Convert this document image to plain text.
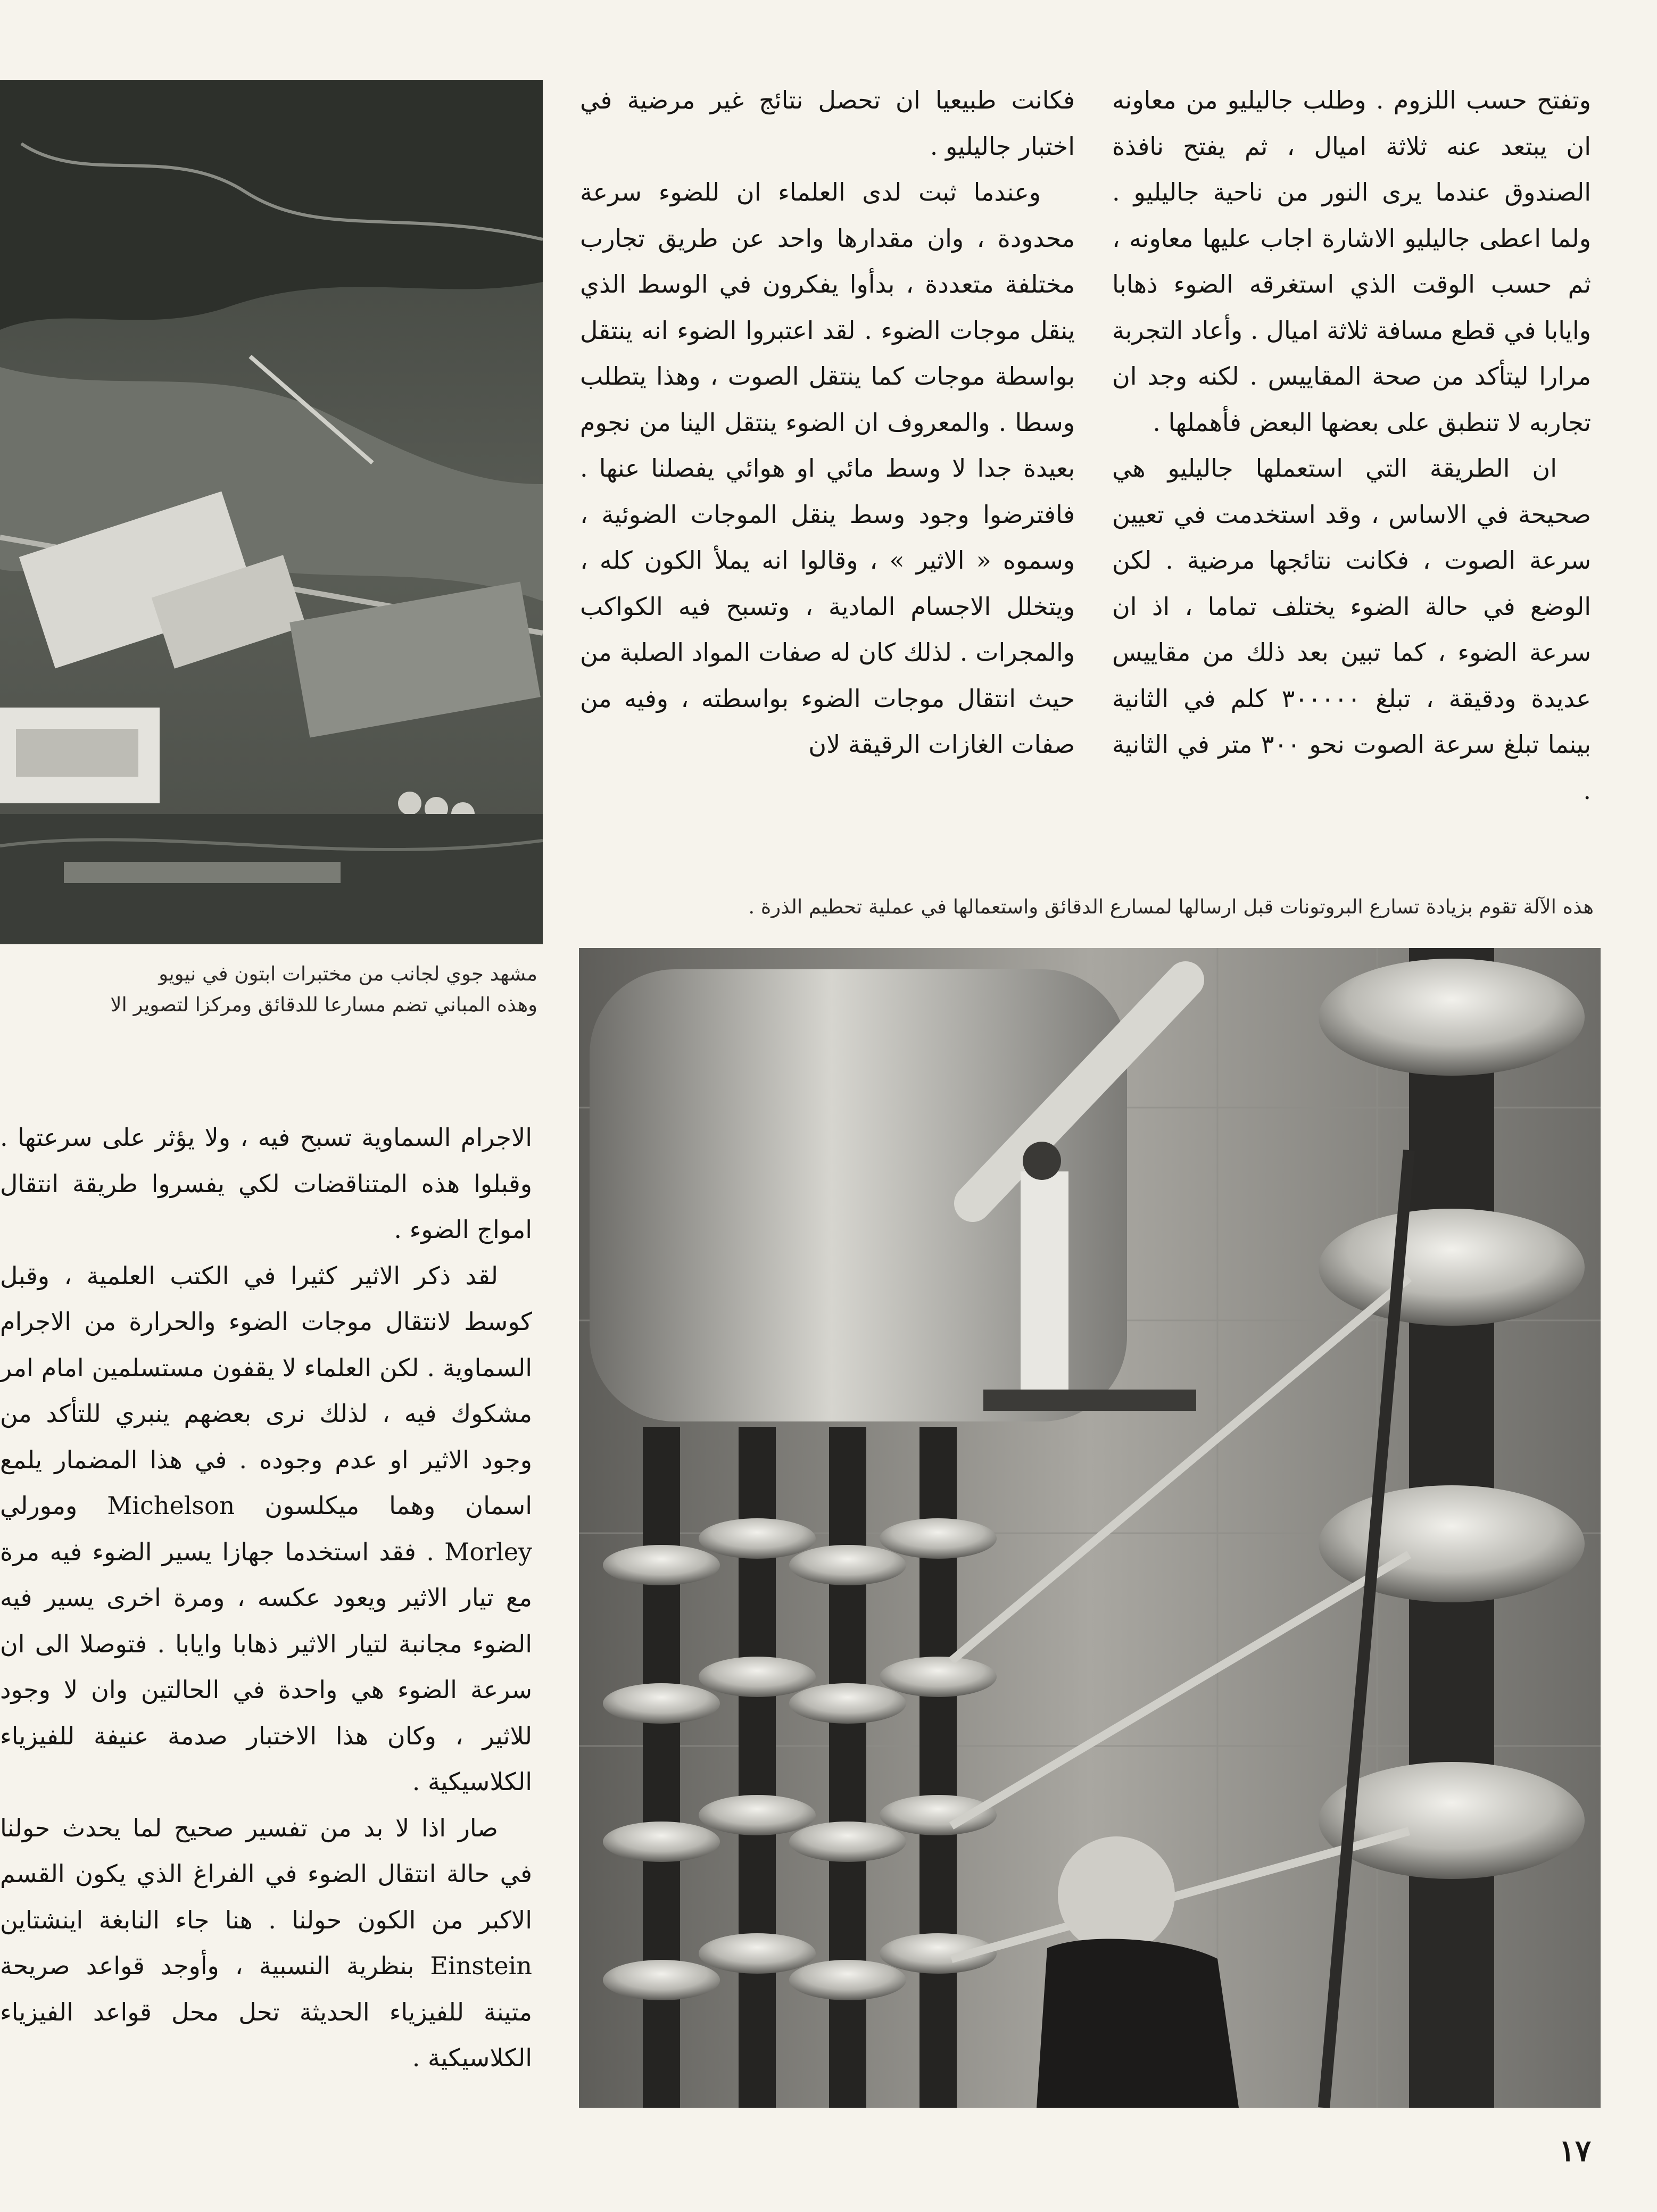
وتفتح حسب اللزوم . وطلب جاليليو من معاونه ان يبتعد عنه ثلاثة اميال ، ثم يفتح نافذة الصندوق عندما يرى النور من ناحية جاليليو . ولما اعطى جاليليو الاشارة اجاب عليها معاونه ، ثم حسب الوقت الذي استغرقه الضوء ذهابا وايابا في قطع مسافة ثلاثة اميال . وأعاد التجربة مرارا ليتأكد من صحة المقاييس . لكنه وجد ان تجاربه لا تنطبق على بعضها البعض فأهملها .

ان الطريقة التي استعملها جاليليو هي صحيحة في الاساس ، وقد استخدمت في تعيين سرعة الصوت ، فكانت نتائجها مرضية . لكن الوضع في حالة الضوء يختلف تماما ، اذ ان سرعة الضوء ، كما تبين بعد ذلك من مقاييس عديدة ودقيقة ، تبلغ ٣٠٠٠٠٠ كلم في الثانية بينما تبلغ سرعة الصوت نحو ٣٠٠ متر في الثانية .

فكانت طبيعيا ان تحصل نتائج غير مرضية في اختبار جاليليو .

وعندما ثبت لدى العلماء ان للضوء سرعة محدودة ، وان مقدارها واحد عن طريق تجارب مختلفة متعددة ، بدأوا يفكرون في الوسط الذي ينقل موجات الضوء . لقد اعتبروا الضوء انه ينتقل بواسطة موجات كما ينتقل الصوت ، وهذا يتطلب وسطا . والمعروف ان الضوء ينتقل الينا من نجوم بعيدة جدا لا وسط مائي او هوائي يفصلنا عنها . فافترضوا وجود وسط ينقل الموجات الضوئية ، وسموه « الاثير » ، وقالوا انه يملأ الكون كله ، ويتخلل الاجسام المادية ، وتسبح فيه الكواكب والمجرات . لذلك كان له صفات المواد الصلبة من حيث انتقال موجات الضوء بواسطته ، وفيه من صفات الغازات الرقيقة لان

هذه الآلة تقوم بزيادة تسارع البروتونات قبل ارسالها لمسارع الدقائق واستعمالها في عملية تحطيم الذرة .

مشهد جوي لجانب من مختبرات ابتون في نيويو
وهذه المباني تضم مسارعا للدقائق ومركزا لتصوير الا

الاجرام السماوية تسبح فيه ، ولا يؤثر على سرعتها . وقبلوا هذه المتناقضات لكي يفسروا طريقة انتقال امواج الضوء .

لقد ذكر الاثير كثيرا في الكتب العلمية ، وقبل كوسط لانتقال موجات الضوء والحرارة من الاجرام السماوية . لكن العلماء لا يقفون مستسلمين امام امر مشكوك فيه ، لذلك نرى بعضهم ينبري للتأكد من وجود الاثير او عدم وجوده . في هذا المضمار يلمع اسمان وهما ميكلسون Michelson ومورلي Morley . فقد استخدما جهازا يسير الضوء فيه مرة مع تيار الاثير ويعود عكسه ، ومرة اخرى يسير فيه الضوء مجانبة لتيار الاثير ذهابا وايابا . فتوصلا الى ان سرعة الضوء هي واحدة في الحالتين وان لا وجود للاثير ، وكان هذا الاختبار صدمة عنيفة للفيزياء الكلاسيكية .

صار اذا لا بد من تفسير صحيح لما يحدث حولنا في حالة انتقال الضوء في الفراغ الذي يكون القسم الاكبر من الكون حولنا . هنا جاء النابغة اينشتاين Einstein بنظرية النسبية ، وأوجد قواعد صريحة متينة للفيزياء الحديثة تحل محل قواعد الفيزياء الكلاسيكية .

١٧
